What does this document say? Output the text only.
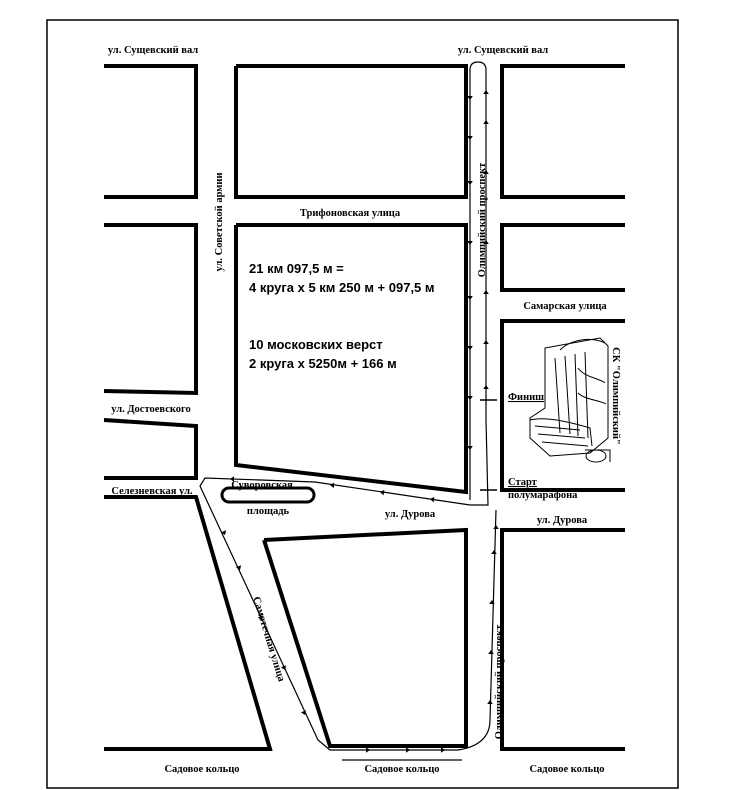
ул. Сущевский вал	ул. Сущевский вал
ул. Советской армии	Трифоновская улица	Олимпийский проспект
Самарская улица
ул. Достоевского
Селезневская ул.
Суворовская
площадь	ул. Дурова
ул. Дурова
Самотечная улица	Олимпийский проспект
Садовое кольцо	Садовое кольцо	Садовое кольцо
21 км 097,5 м =
4 круга х 5 км 250 м + 097,5 м
10 московских верст
2 круга х 5250м + 166 м
Финиш
Старт
полумарафона
СК "Олимпийский"
